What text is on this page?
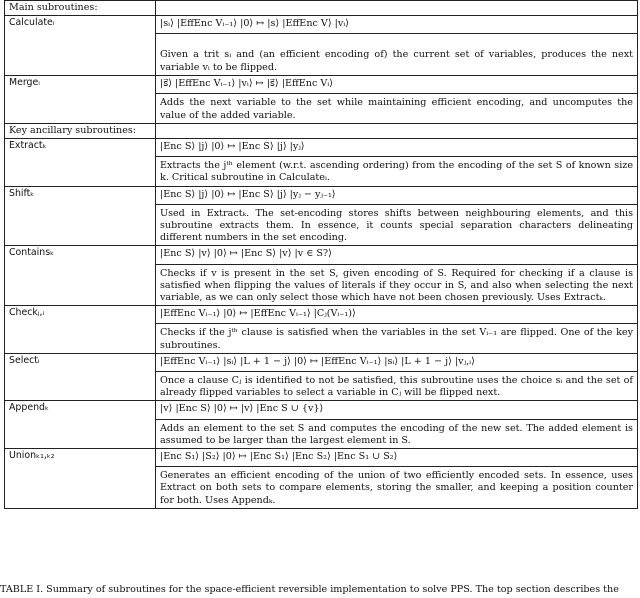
Main subroutines:	
Calculateᵢ	|sᵢ⟩ |EffEnc Vᵢ₋₁⟩ |0⟩ ↦ |s⟩ |EffEnc V⟩ |vᵢ⟩
Given a trit sᵢ and (an efficient encoding of) the current set of variables, produces the next variable vᵢ to be flipped.

Mergeᵢ	|s⃗⟩ |EffEnc Vᵢ₋₁⟩ |vᵢ⟩ ↦ |s⃗⟩ |EffEnc Vᵢ⟩
Adds the next variable to the set while maintaining efficient encoding, and uncomputes the value of the added variable.

Key ancillary subroutines:	
Extractₖ	|Enc S⟩ |j⟩ |0⟩ ↦ |Enc S⟩ |j⟩ |yⱼ⟩
Extracts the jᵗʰ element (w.r.t. ascending ordering) from the encoding of the set S of known size k. Critical subroutine in Calculateᵢ.

Shiftₖ	|Enc S⟩ |j⟩ |0⟩ ↦ |Enc S⟩ |j⟩ |yⱼ − yⱼ₋₁⟩
Used in Extractₖ. The set-encoding stores shifts between neighbouring elements, and this subroutine extracts them. In essence, it counts special separation characters delineating different numbers in the set encoding.

Containsₖ	|Enc S⟩ |v⟩ |0⟩ ↦ |Enc S⟩ |v⟩ |v ∈ S?⟩
Checks if v is present in the set S, given encoding of S. Required for checking if a clause is satisfied when flipping the values of literals if they occur in S, and also when selecting the next variable, as we can only select those which have not been chosen previously. Uses Extractₖ.

Checkⱼ,ᵢ	|EffEnc Vᵢ₋₁⟩ |0⟩ ↦ |EffEnc Vᵢ₋₁⟩ |Cⱼ(Vᵢ₋₁)⟩
Checks if the jᵗʰ clause is satisfied when the variables in the set Vᵢ₋₁ are flipped. One of the key subroutines.

Selectᵢ	|EffEnc Vᵢ₋₁⟩ |sᵢ⟩ |L + 1 − j⟩ |0⟩ ↦ |EffEnc Vᵢ₋₁⟩ |sᵢ⟩ |L + 1 − j⟩ |vⱼ,ᵢ⟩
Once a clause Cⱼ is identified to not be satisfied, this subroutine uses the choice sᵢ and the set of already flipped variables to select a variable in Cⱼ will be flipped next.

Appendₖ	|v⟩ |Enc S⟩ |0⟩ ↦ |v⟩ |Enc S ∪ {v}⟩
Adds an element to the set S and computes the encoding of the new set. The added element is assumed to be larger than the largest element in S.

Unionₖ₁,ₖ₂	|Enc S₁⟩ |S₂⟩ |0⟩ ↦ |Enc S₁⟩ |Enc S₂⟩ |Enc S₁ ∪ S₂⟩
Generates an efficient encoding of the union of two efficiently encoded sets. In essence, uses Extract on both sets to compare elements, storing the smaller, and keeping a position counter for both. Uses Appendₖ.
TABLE I. Summary of subroutines for the space-efficient reversible implementation to solve PPS. The top section describes the
